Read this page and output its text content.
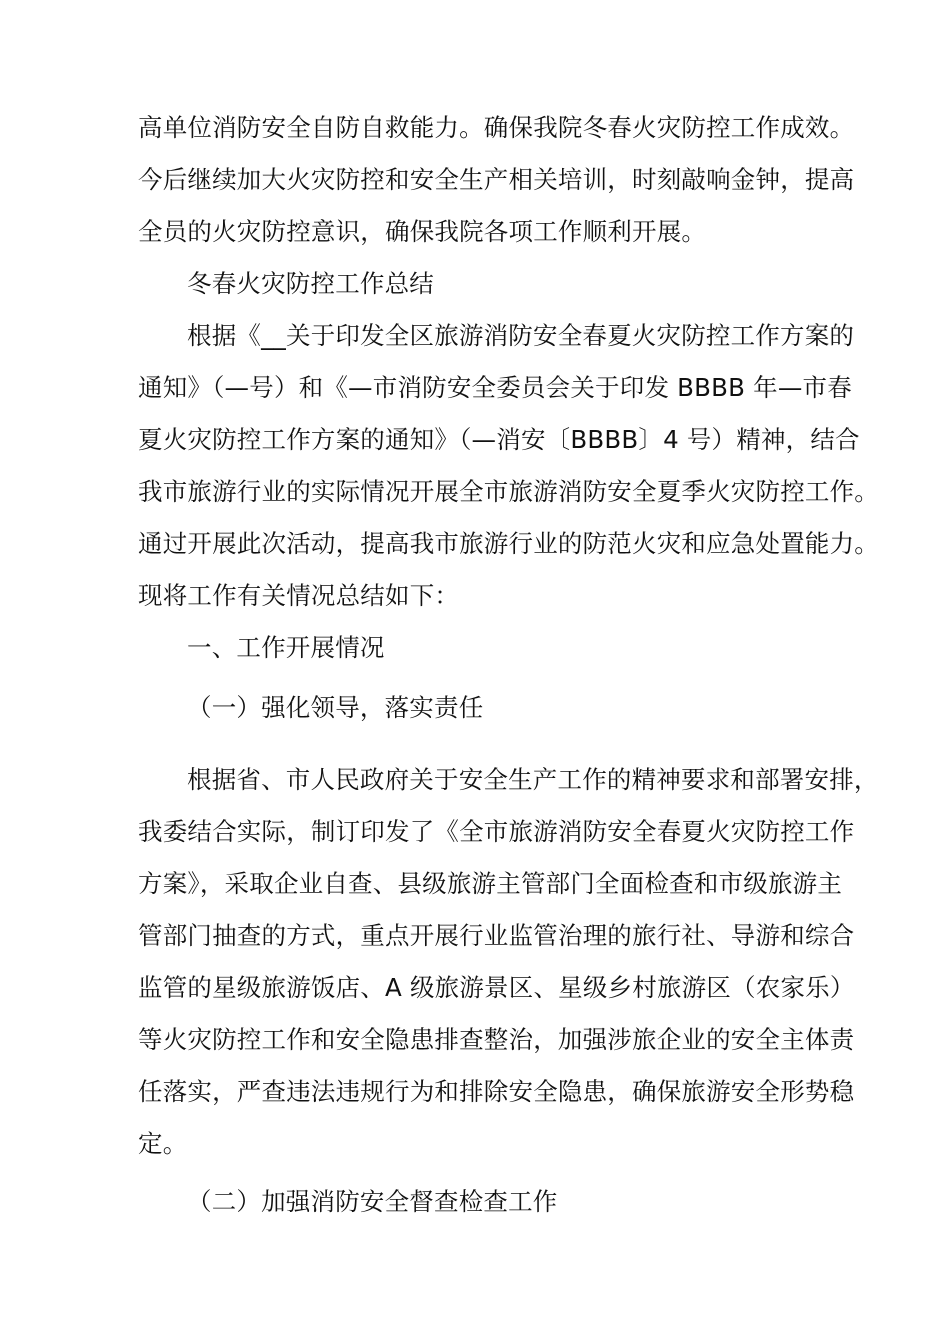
高单位消防安全自防自救能力。确保我院冬春火灾防控工作成效。
今后继续加大火灾防控和安全生产相关培训，时刻敲响金钟，提高
全员的火灾防控意识，确保我院各项工作顺利开展。
冬春火灾防控工作总结
根据《__关于印发全区旅游消防安全春夏火灾防控工作方案的
通知》（—号）和《—市消防安全委员会关于印发 BBBB 年—市春
夏火灾防控工作方案的通知》（—消安〔BBBB〕4 号）精神，结合
我市旅游行业的实际情况开展全市旅游消防安全夏季火灾防控工作。
通过开展此次活动，提高我市旅游行业的防范火灾和应急处置能力。
现将工作有关情况总结如下：
一、工作开展情况
（一）强化领导，落实责任
根据省、市人民政府关于安全生产工作的精神要求和部署安排，
我委结合实际，制订印发了《全市旅游消防安全春夏火灾防控工作
方案》，采取企业自查、县级旅游主管部门全面检查和市级旅游主
管部门抽查的方式，重点开展行业监管治理的旅行社、导游和综合
监管的星级旅游饭店、A 级旅游景区、星级乡村旅游区（农家乐）
等火灾防控工作和安全隐患排查整治，加强涉旅企业的安全主体责
任落实，严查违法违规行为和排除安全隐患，确保旅游安全形势稳
定。
（二）加强消防安全督查检查工作
